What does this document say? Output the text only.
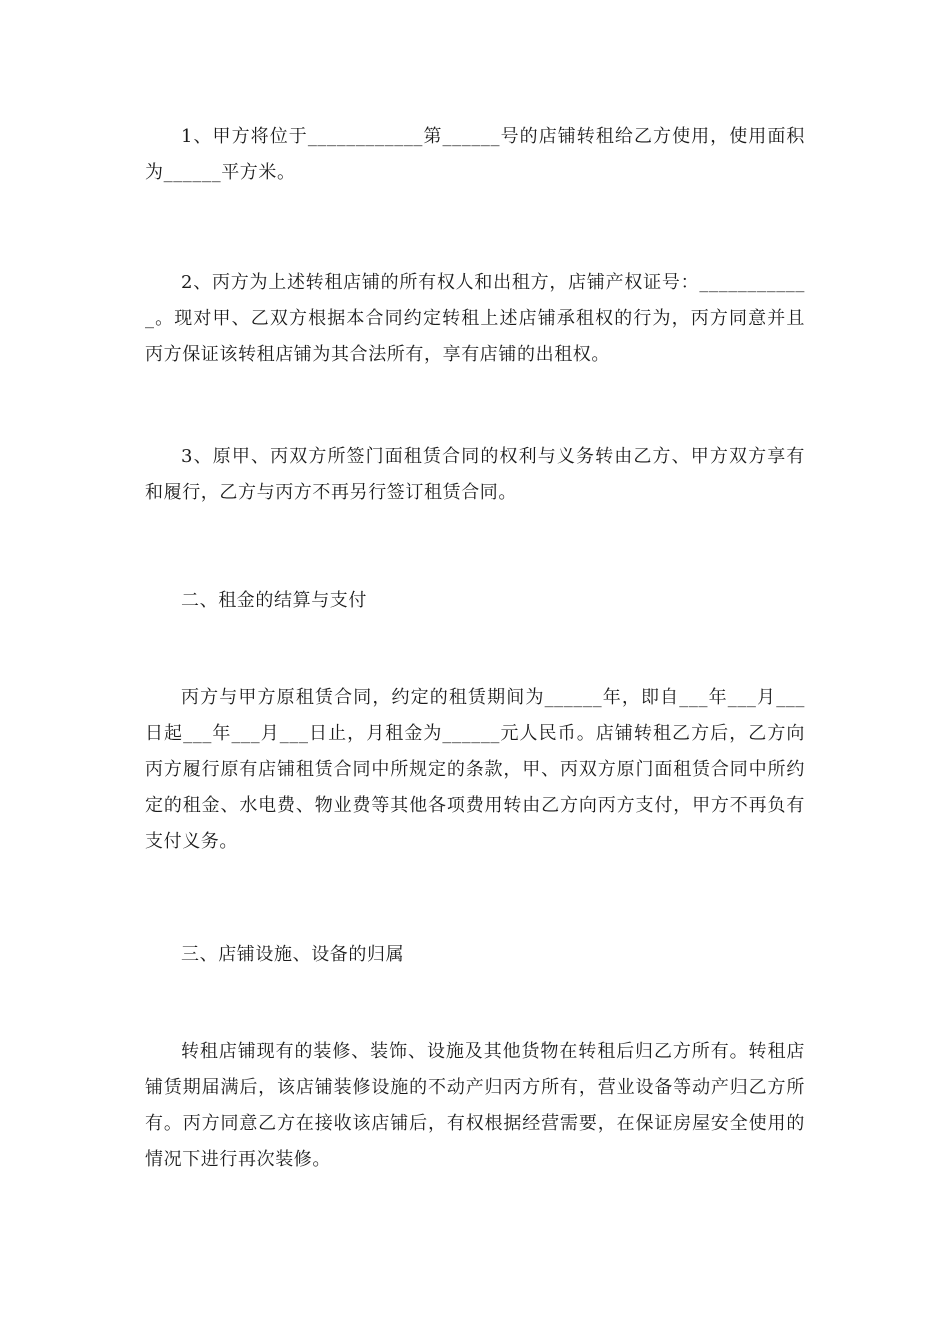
1、甲方将位于____________第______号的店铺转租给乙方使用，使用面积为______平方米。

2、丙方为上述转租店铺的所有权人和出租方，店铺产权证号：____________。现对甲、乙双方根据本合同约定转租上述店铺承租权的行为，丙方同意并且丙方保证该转租店铺为其合法所有，享有店铺的出租权。

3、原甲、丙双方所签门面租赁合同的权利与义务转由乙方、甲方双方享有和履行，乙方与丙方不再另行签订租赁合同。

二、租金的结算与支付

丙方与甲方原租赁合同，约定的租赁期间为______年，即自___年___月___日起___年___月___日止，月租金为______元人民币。店铺转租乙方后，乙方向丙方履行原有店铺租赁合同中所规定的条款，甲、丙双方原门面租赁合同中所约定的租金、水电费、物业费等其他各项费用转由乙方向丙方支付，甲方不再负有支付义务。

三、店铺设施、设备的归属

转租店铺现有的装修、装饰、设施及其他货物在转租后归乙方所有。转租店铺赁期届满后，该店铺装修设施的不动产归丙方所有，营业设备等动产归乙方所有。丙方同意乙方在接收该店铺后，有权根据经营需要，在保证房屋安全使用的情况下进行再次装修。
